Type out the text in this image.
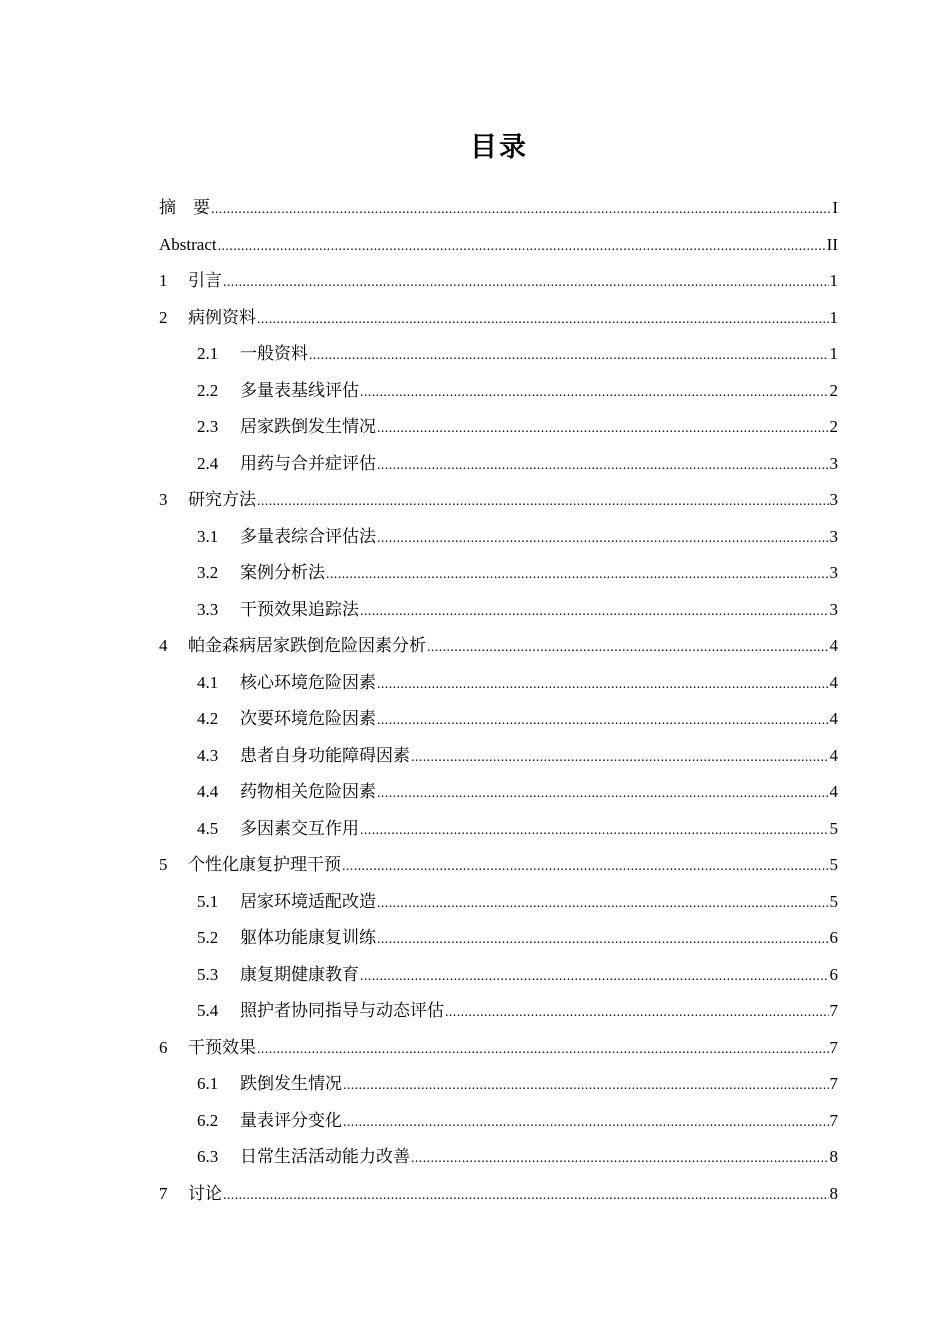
目录
摘　要 .....	I
Abstract .....	II
1	引言 .....	1
2	病例资料 .....	1
2.1	一般资料 .....	1
2.2	多量表基线评估 .....	2
2.3	居家跌倒发生情况 .....	2
2.4	用药与合并症评估 .....	3
3	研究方法 .....	3
3.1	多量表综合评估法 .....	3
3.2	案例分析法 .....	3
3.3	干预效果追踪法 .....	3
4	帕金森病居家跌倒危险因素分析 .....	4
4.1	核心环境危险因素 .....	4
4.2	次要环境危险因素 .....	4
4.3	患者自身功能障碍因素 .....	4
4.4	药物相关危险因素 .....	4
4.5	多因素交互作用 .....	5
5	个性化康复护理干预 .....	5
5.1	居家环境适配改造 .....	5
5.2	躯体功能康复训练 .....	6
5.3	康复期健康教育 .....	6
5.4	照护者协同指导与动态评估 .....	7
6	干预效果 .....	7
6.1	跌倒发生情况 .....	7
6.2	量表评分变化 .....	7
6.3	日常生活活动能力改善 .....	8
7	讨论 .....	8
